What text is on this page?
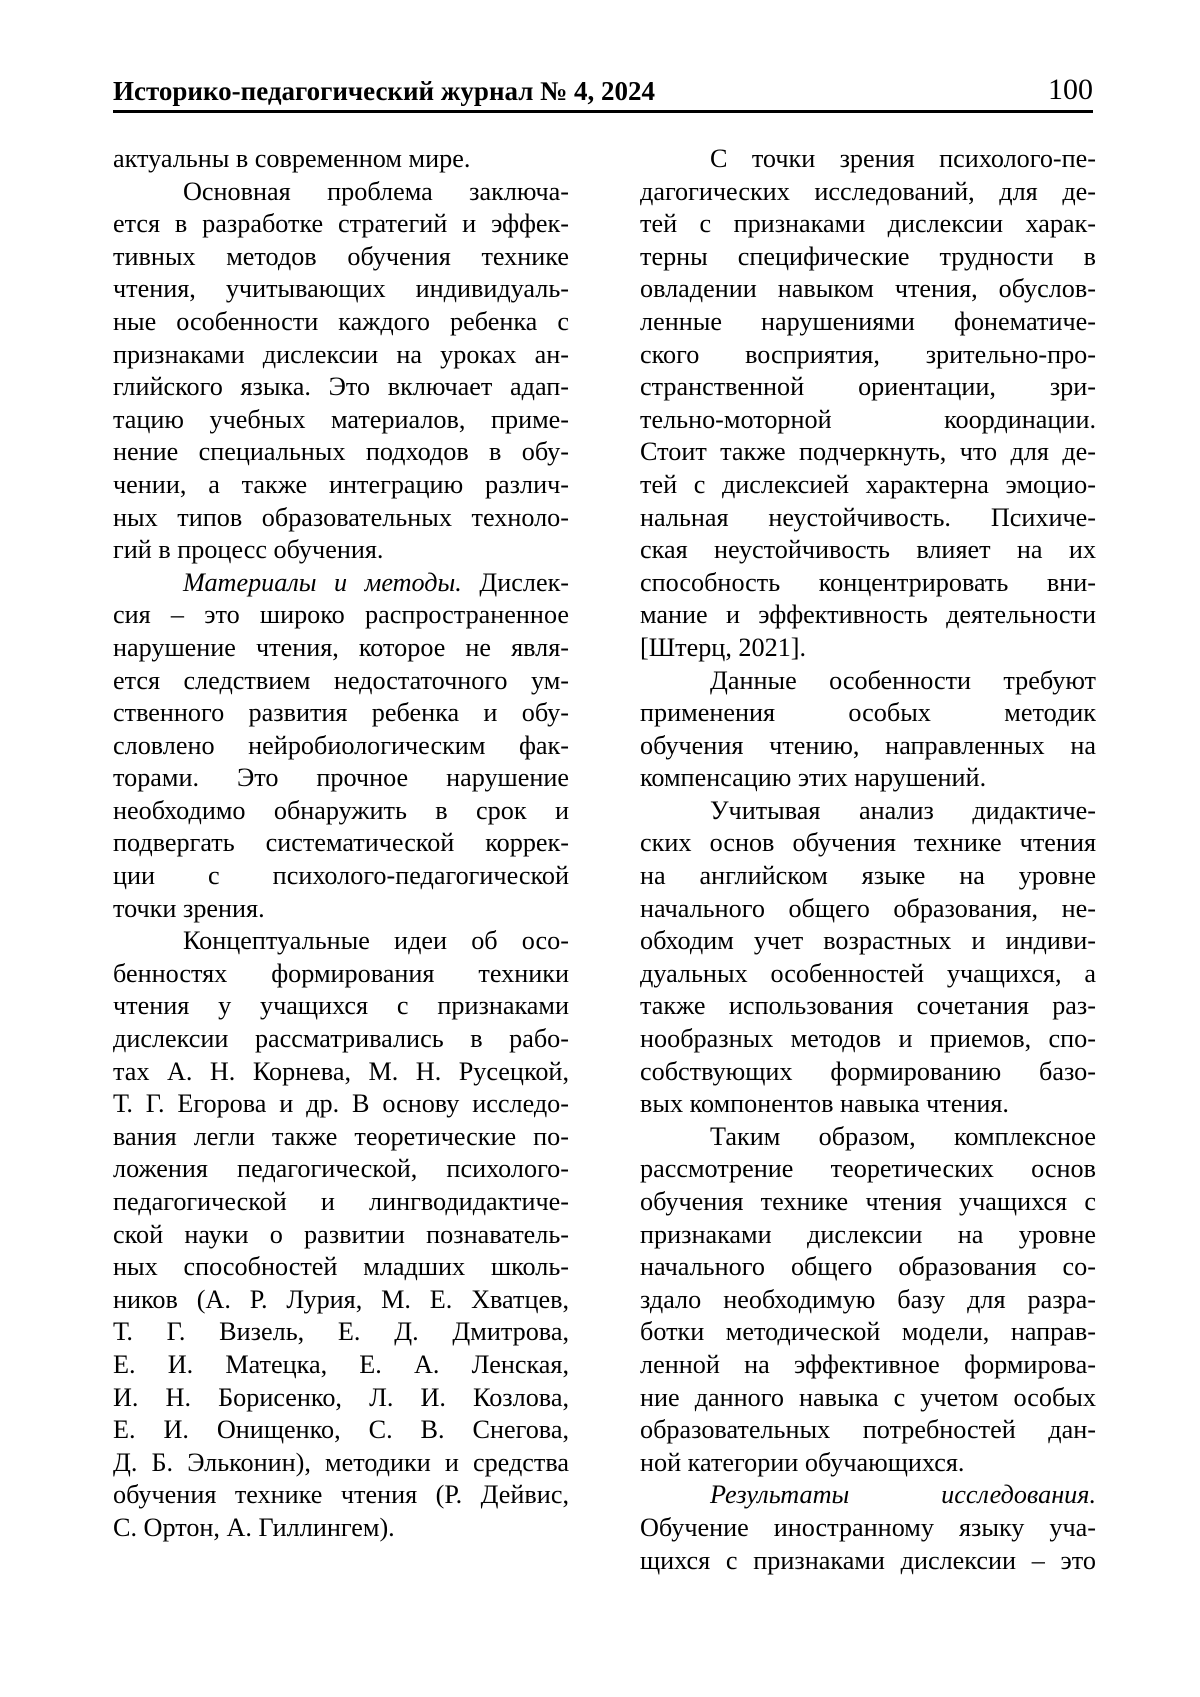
Историко-педагогический журнал № 4, 2024	100
актуальны в современном мире.
Основная проблема заключа-
ется в разработке стратегий и эффек-
тивных методов обучения технике
чтения, учитывающих индивидуаль-
ные особенности каждого ребенка с
признаками дислексии на уроках ан-
глийского языка. Это включает адап-
тацию учебных материалов, приме-
нение специальных подходов в обу-
чении, а также интеграцию различ-
ных типов образовательных техноло-
гий в процесс обучения.
Материалы и методы. Дислек-
сия – это широко распространенное
нарушение чтения, которое не явля-
ется следствием недостаточного ум-
ственного развития ребенка и обу-
словлено нейробиологическим фак-
торами. Это прочное нарушение
необходимо обнаружить в срок и
подвергать систематической коррек-
ции с психолого-педагогической
точки зрения.
Концептуальные идеи об осо-
бенностях формирования техники
чтения у учащихся с признаками
дислексии рассматривались в рабо-
тах А. Н. Корнева, М. Н. Русецкой,
Т. Г. Егорова и др. В основу исследо-
вания легли также теоретические по-
ложения педагогической, психолого-
педагогической и лингводидактиче-
ской науки о развитии познаватель-
ных способностей младших школь-
ников (А. Р. Лурия, М. Е. Хватцев,
Т. Г. Визель, Е. Д. Дмитрова,
Е. И. Матецка, Е. А. Ленская,
И. Н. Борисенко, Л. И. Козлова,
Е. И. Онищенко, С. В. Снегова,
Д. Б. Эльконин), методики и средства
обучения технике чтения (Р. Дейвис,
С. Ортон, А. Гиллингем).
С точки зрения психолого-пе-
дагогических исследований, для де-
тей с признаками дислексии харак-
терны специфические трудности в
овладении навыком чтения, обуслов-
ленные нарушениями фонематиче-
ского восприятия, зрительно-про-
странственной ориентации, зри-
тельно-моторной координации.
Стоит также подчеркнуть, что для де-
тей с дислексией характерна эмоцио-
нальная неустойчивость. Психиче-
ская неустойчивость влияет на их
способность концентрировать вни-
мание и эффективность деятельности
[Штерц, 2021].
Данные особенности требуют
применения особых методик
обучения чтению, направленных на
компенсацию этих нарушений.
Учитывая анализ дидактиче-
ских основ обучения технике чтения
на английском языке на уровне
начального общего образования, не-
обходим учет возрастных и индиви-
дуальных особенностей учащихся, а
также использования сочетания раз-
нообразных методов и приемов, спо-
собствующих формированию базо-
вых компонентов навыка чтения.
Таким образом, комплексное
рассмотрение теоретических основ
обучения технике чтения учащихся с
признаками дислексии на уровне
начального общего образования со-
здало необходимую базу для разра-
ботки методической модели, направ-
ленной на эффективное формирова-
ние данного навыка с учетом особых
образовательных потребностей дан-
ной категории обучающихся.
Результаты исследования.
Обучение иностранному языку уча-
щихся с признаками дислексии – это
